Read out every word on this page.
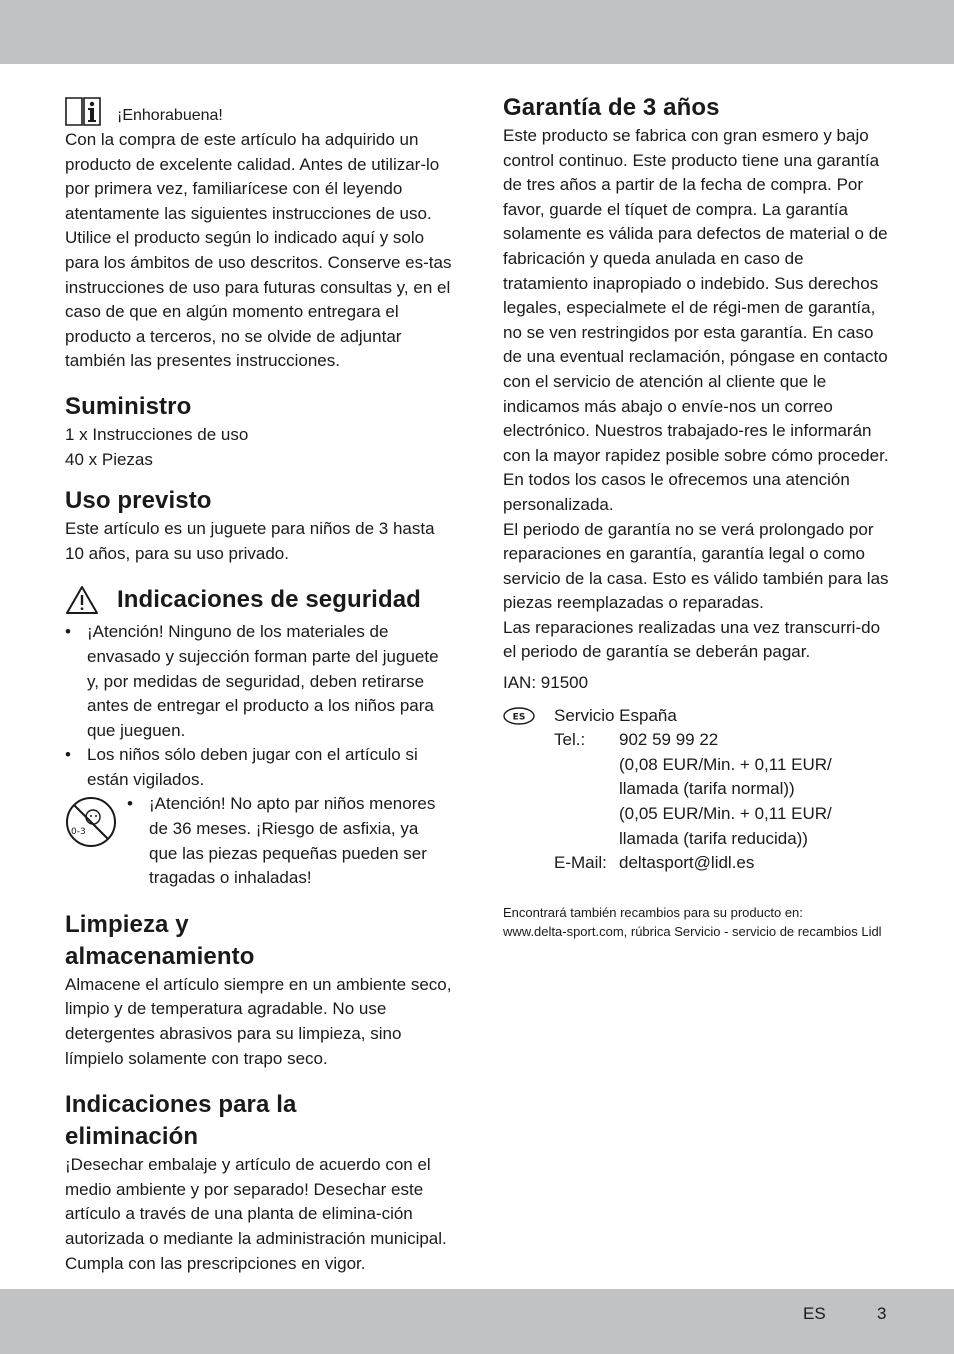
¡Enhorabuena!

Con la compra de este artículo ha adquirido un producto de excelente calidad. Antes de utilizar-lo por primera vez, familiarícese con él leyendo atentamente las siguientes instrucciones de uso. Utilice el producto según lo indicado aquí y solo para los ámbitos de uso descritos. Conserve es-tas instrucciones de uso para futuras consultas y, en el caso de que en algún momento entregara el producto a terceros, no se olvide de adjuntar también las presentes instrucciones.

Suministro
1 x Instrucciones de uso
40 x Piezas
Uso previsto

Este artículo es un juguete para niños de 3 hasta 10 años, para su uso privado.

Indicaciones de seguridad
• ¡Atención! Ninguno de los materiales de envasado y sujección forman parte del juguete y, por medidas de seguridad, deben retirarse antes de entregar el producto a los niños para que jueguen.
• Los niños sólo deben jugar con el artículo si están vigilados.
0-3
• ¡Atención! No apto par niños menores de 36 meses. ¡Riesgo de asfixia, ya que las piezas pequeñas pueden ser tragadas o inhaladas!
Limpieza y
almacenamiento

Almacene el artículo siempre en un ambiente seco, limpio y de temperatura agradable. No use detergentes abrasivos para su limpieza, sino límpielo solamente con trapo seco.

Indicaciones para la
eliminación

¡Desechar embalaje y artículo de acuerdo con el medio ambiente y por separado! Desechar este artículo a través de una planta de elimina-ción autorizada o mediante la administración municipal. Cumpla con las prescripciones en vigor.

Garantía de 3 años

Este producto se fabrica con gran esmero y bajo control continuo. Este producto tiene una garantía de tres años a partir de la fecha de compra. Por favor, guarde el tíquet de compra. La garantía solamente es válida para defectos de material o de fabricación y queda anulada en caso de tratamiento inapropiado o indebido. Sus derechos legales, especialmete el de régi-men de garantía, no se ven restringidos por esta garantía. En caso de una eventual reclamación, póngase en contacto con el servicio de atención al cliente que le indicamos más abajo o envíe-nos un correo electrónico. Nuestros trabajado-res le informarán con la mayor rapidez posible sobre cómo proceder. En todos los casos le ofrecemos una atención personalizada.

El periodo de garantía no se verá prolongado por reparaciones en garantía, garantía legal o como servicio de la casa. Esto es válido también para las piezas reemplazadas o reparadas.

Las reparaciones realizadas una vez transcurri-do el periodo de garantía se deberán pagar.

IAN: 91500

ES Servicio España
Tel.:	902 59 99 22
(0,08 EUR/Min. + 0,11 EUR/
llamada (tarifa normal))
(0,05 EUR/Min. + 0,11 EUR/
llamada (tarifa reducida))
E-Mail: deltasport@lidl.es
Encontrará también recambios para su producto en:
www.delta-sport.com, rúbrica Servicio - servicio de recambios Lidl
ES	3
